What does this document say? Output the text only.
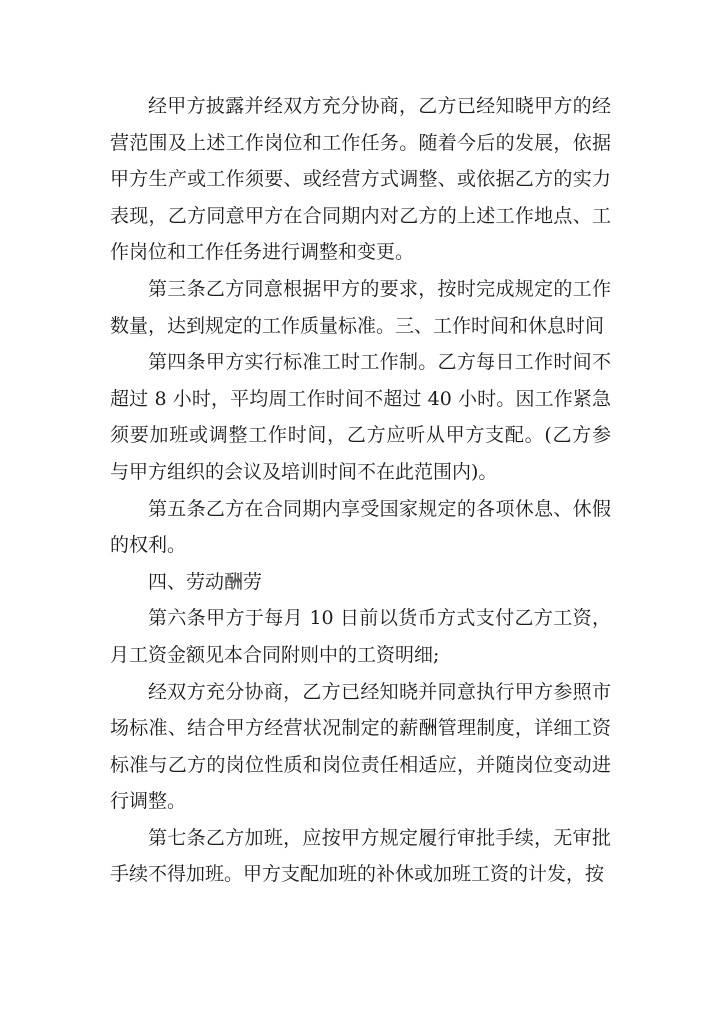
经甲方披露并经双方充分协商，乙方已经知晓甲方的经营范围及上述工作岗位和工作任务。随着今后的发展，依据甲方生产或工作须要、或经营方式调整、或依据乙方的实力表现，乙方同意甲方在合同期内对乙方的上述工作地点、工作岗位和工作任务进行调整和变更。

第三条乙方同意根据甲方的要求，按时完成规定的工作数量，达到规定的工作质量标准。三、工作时间和休息时间

第四条甲方实行标准工时工作制。乙方每日工作时间不超过 8 小时，平均周工作时间不超过 40 小时。因工作紧急须要加班或调整工作时间，乙方应听从甲方支配。(乙方参与甲方组织的会议及培训时间不在此范围内)。

第五条乙方在合同期内享受国家规定的各项休息、休假的权利。

四、劳动酬劳

第六条甲方于每月 10 日前以货币方式支付乙方工资，月工资金额见本合同附则中的工资明细;

经双方充分协商，乙方已经知晓并同意执行甲方参照市场标准、结合甲方经营状况制定的薪酬管理制度，详细工资标准与乙方的岗位性质和岗位责任相适应，并随岗位变动进行调整。

第七条乙方加班，应按甲方规定履行审批手续，无审批手续不得加班。甲方支配加班的补休或加班工资的计发，按
